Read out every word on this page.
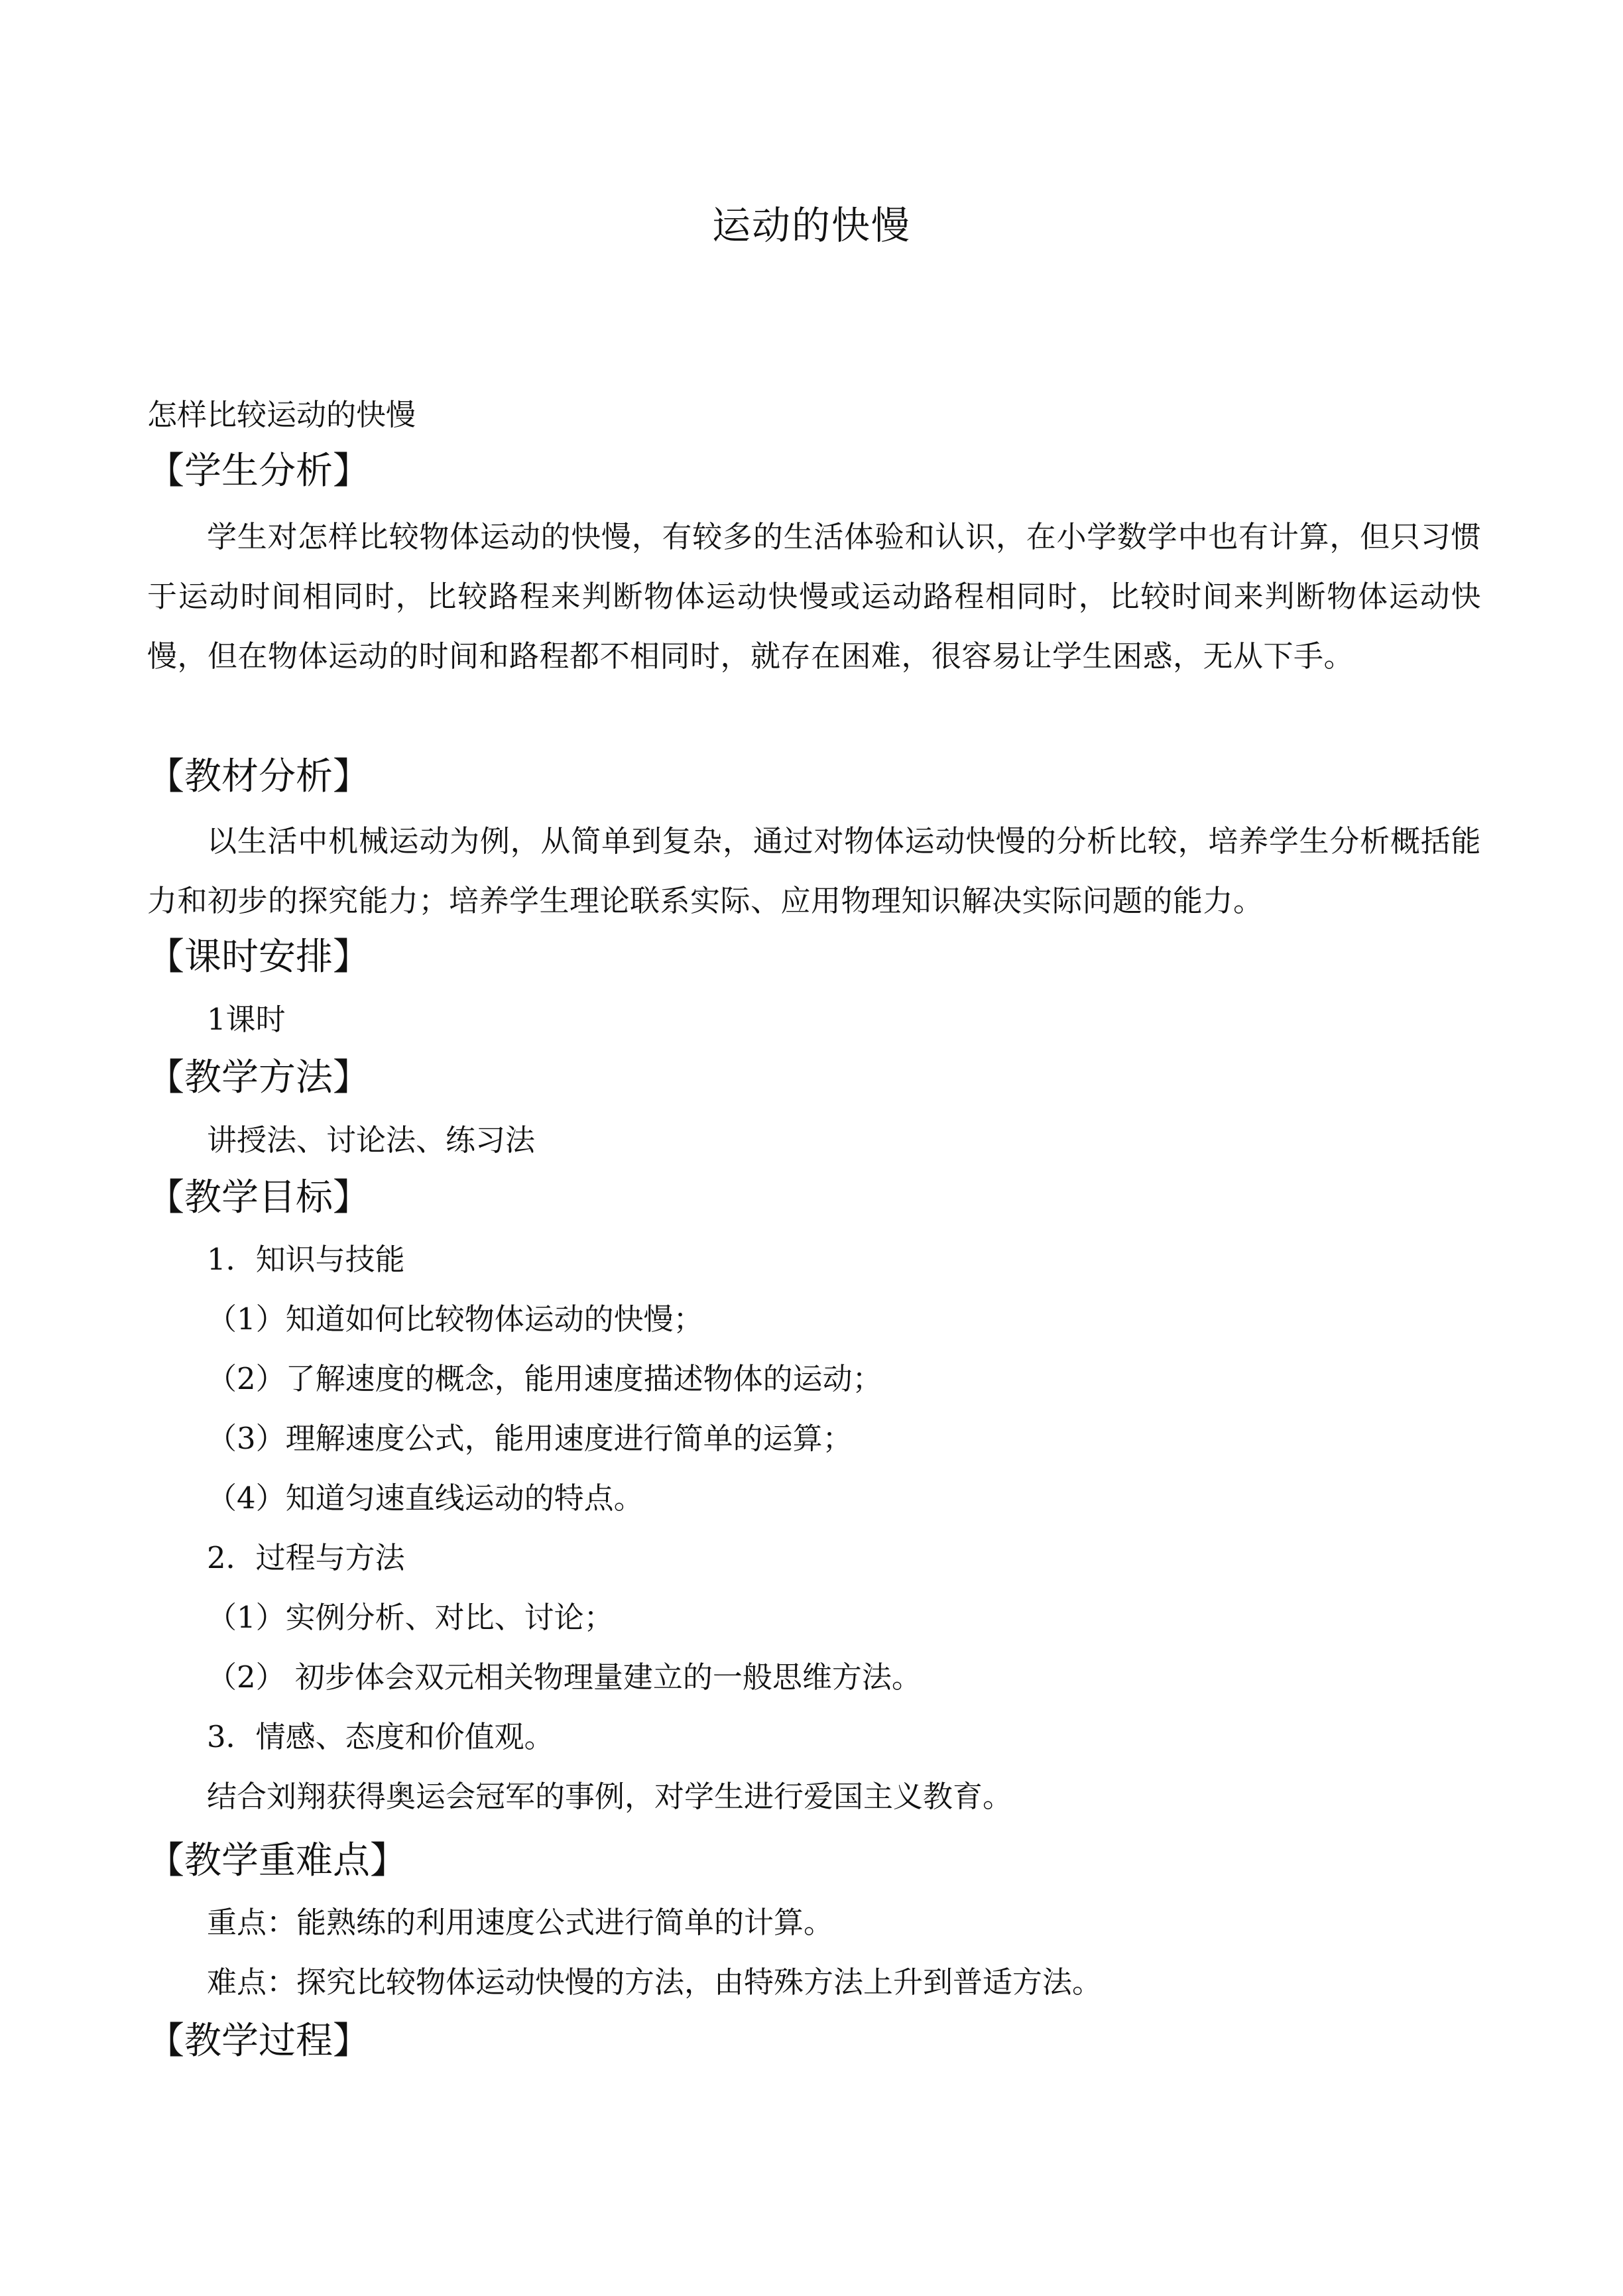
运动的快慢
怎样比较运动的快慢
【学生分析】
学生对怎样比较物体运动的快慢，有较多的生活体验和认识，在小学数学中也有计算，但只习惯于运动时间相同时，比较路程来判断物体运动快慢或运动路程相同时，比较时间来判断物体运动快慢，但在物体运动的时间和路程都不相同时，就存在困难，很容易让学生困惑，无从下手。
【教材分析】
以生活中机械运动为例，从简单到复杂，通过对物体运动快慢的分析比较，培养学生分析概括能力和初步的探究能力；培养学生理论联系实际、应用物理知识解决实际问题的能力。
【课时安排】
1课时
【教学方法】
讲授法、讨论法、练习法
【教学目标】
1．知识与技能
（1）知道如何比较物体运动的快慢；
（2）了解速度的概念，能用速度描述物体的运动；
（3）理解速度公式，能用速度进行简单的运算；
（4）知道匀速直线运动的特点。
2．过程与方法
（1）实例分析、对比、讨论；
（2） 初步体会双元相关物理量建立的一般思维方法。
3．情感、态度和价值观。
结合刘翔获得奥运会冠军的事例，对学生进行爱国主义教育。
【教学重难点】
重点：能熟练的利用速度公式进行简单的计算。
难点：探究比较物体运动快慢的方法，由特殊方法上升到普适方法。
【教学过程】
